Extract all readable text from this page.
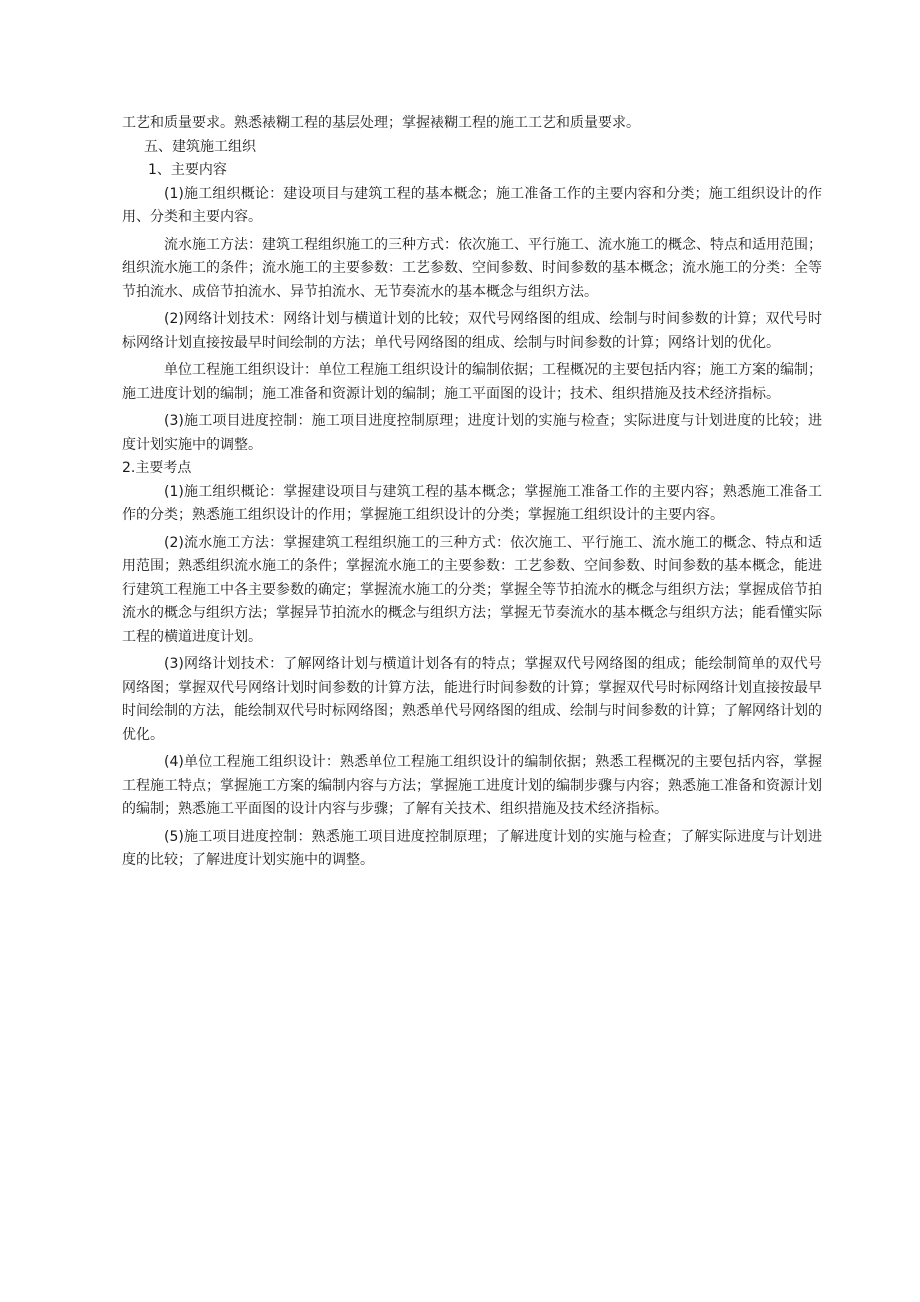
工艺和质量要求。熟悉裱糊工程的基层处理；掌握裱糊工程的施工工艺和质量要求。

五、建筑施工组织

1、主要内容

(1)施工组织概论：建设项目与建筑工程的基本概念；施工准备工作的主要内容和分类；施工组织设计的作用、分类和主要内容。

流水施工方法：建筑工程组织施工的三种方式：依次施工、平行施工、流水施工的概念、特点和适用范围；组织流水施工的条件；流水施工的主要参数：工艺参数、空间参数、时间参数的基本概念；流水施工的分类：全等节拍流水、成倍节拍流水、异节拍流水、无节奏流水的基本概念与组织方法。

(2)网络计划技术：网络计划与横道计划的比较；双代号网络图的组成、绘制与时间参数的计算；双代号时标网络计划直接按最早时间绘制的方法；单代号网络图的组成、绘制与时间参数的计算；网络计划的优化。

单位工程施工组织设计：单位工程施工组织设计的编制依据；工程概况的主要包括内容；施工方案的编制；施工进度计划的编制；施工准备和资源计划的编制；施工平面图的设计；技术、组织措施及技术经济指标。

(3)施工项目进度控制：施工项目进度控制原理；进度计划的实施与检查；实际进度与计划进度的比较；进度计划实施中的调整。

2.主要考点

(1)施工组织概论：掌握建设项目与建筑工程的基本概念；掌握施工准备工作的主要内容；熟悉施工准备工作的分类；熟悉施工组织设计的作用；掌握施工组织设计的分类；掌握施工组织设计的主要内容。

(2)流水施工方法：掌握建筑工程组织施工的三种方式：依次施工、平行施工、流水施工的概念、特点和适用范围；熟悉组织流水施工的条件；掌握流水施工的主要参数：工艺参数、空间参数、时间参数的基本概念，能进行建筑工程施工中各主要参数的确定；掌握流水施工的分类；掌握全等节拍流水的概念与组织方法；掌握成倍节拍流水的概念与组织方法；掌握异节拍流水的概念与组织方法；掌握无节奏流水的基本概念与组织方法；能看懂实际工程的横道进度计划。

(3)网络计划技术：了解网络计划与横道计划各有的特点；掌握双代号网络图的组成；能绘制简单的双代号网络图；掌握双代号网络计划时间参数的计算方法，能进行时间参数的计算；掌握双代号时标网络计划直接按最早时间绘制的方法，能绘制双代号时标网络图；熟悉单代号网络图的组成、绘制与时间参数的计算；了解网络计划的优化。

(4)单位工程施工组织设计：熟悉单位工程施工组织设计的编制依据；熟悉工程概况的主要包括内容，掌握工程施工特点；掌握施工方案的编制内容与方法；掌握施工进度计划的编制步骤与内容；熟悉施工准备和资源计划的编制；熟悉施工平面图的设计内容与步骤；了解有关技术、组织措施及技术经济指标。

(5)施工项目进度控制：熟悉施工项目进度控制原理；了解进度计划的实施与检查；了解实际进度与计划进度的比较；了解进度计划实施中的调整。
